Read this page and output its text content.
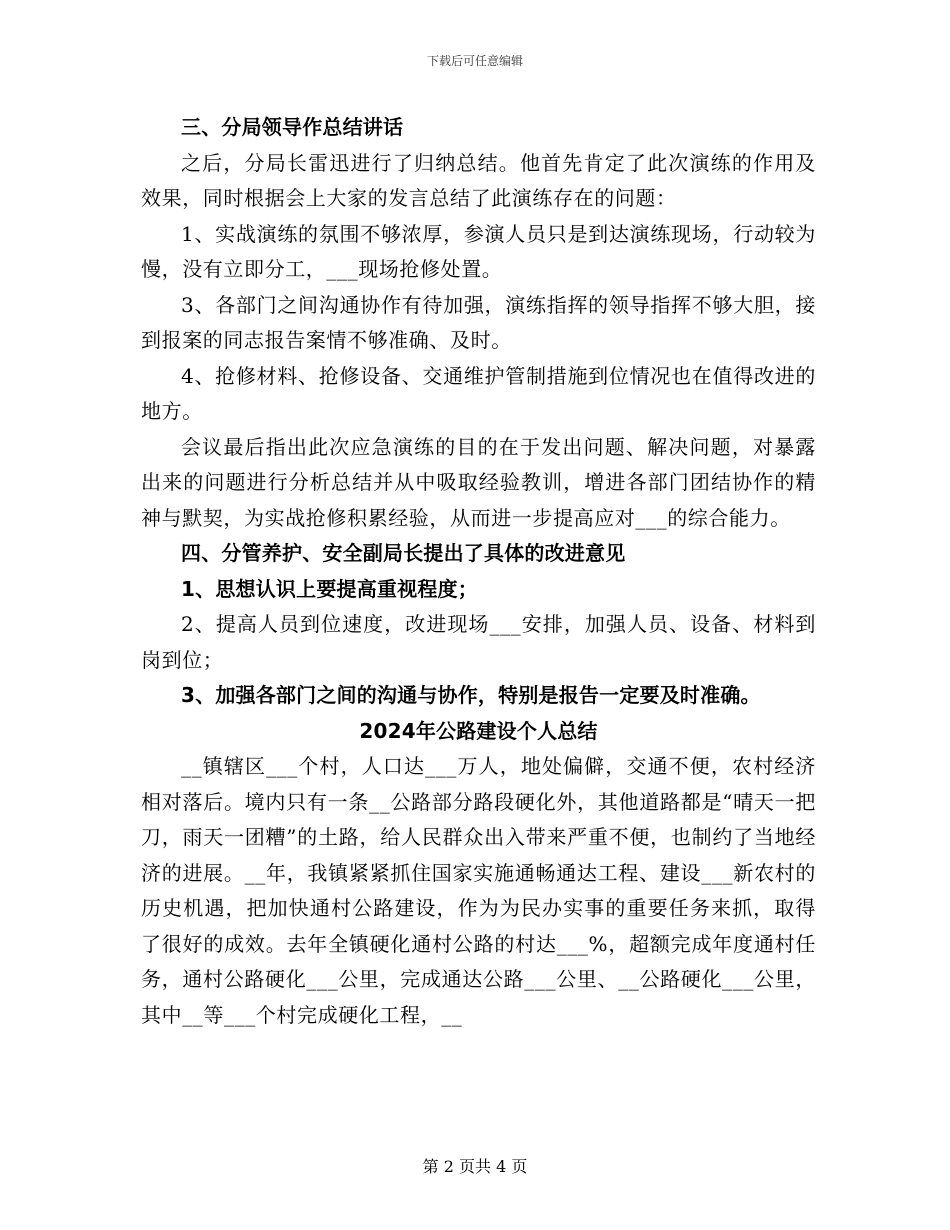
下载后可任意编辑

三、分局领导作总结讲话

之后，分局长雷迅进行了归纳总结。他首先肯定了此次演练的作用及效果，同时根据会上大家的发言总结了此演练存在的问题：

1、实战演练的氛围不够浓厚，参演人员只是到达演练现场，行动较为慢，没有立即分工，___现场抢修处置。

3、各部门之间沟通协作有待加强，演练指挥的领导指挥不够大胆，接到报案的同志报告案情不够准确、及时。

4、抢修材料、抢修设备、交通维护管制措施到位情况也在值得改进的地方。

会议最后指出此次应急演练的目的在于发出问题、解决问题，对暴露出来的问题进行分析总结并从中吸取经验教训，增进各部门团结协作的精神与默契，为实战抢修积累经验，从而进一步提高应对___的综合能力。

四、分管养护、安全副局长提出了具体的改进意见

1、思想认识上要提高重视程度；

2、提高人员到位速度，改进现场___安排，加强人员、设备、材料到岗到位；

3、加强各部门之间的沟通与协作，特别是报告一定要及时准确。

2024年公路建设个人总结

__镇辖区___个村，人口达___万人，地处偏僻，交通不便，农村经济相对落后。境内只有一条__公路部分路段硬化外，其他道路都是“晴天一把刀，雨天一团糟”的土路，给人民群众出入带来严重不便，也制约了当地经济的进展。__年，我镇紧紧抓住国家实施通畅通达工程、建设___新农村的历史机遇，把加快通村公路建设，作为为民办实事的重要任务来抓，取得了很好的成效。去年全镇硬化通村公路的村达___%，超额完成年度通村任务，通村公路硬化___公里，完成通达公路___公里、__公路硬化___公里，其中__等___个村完成硬化工程，__

第 2 页共 4 页
